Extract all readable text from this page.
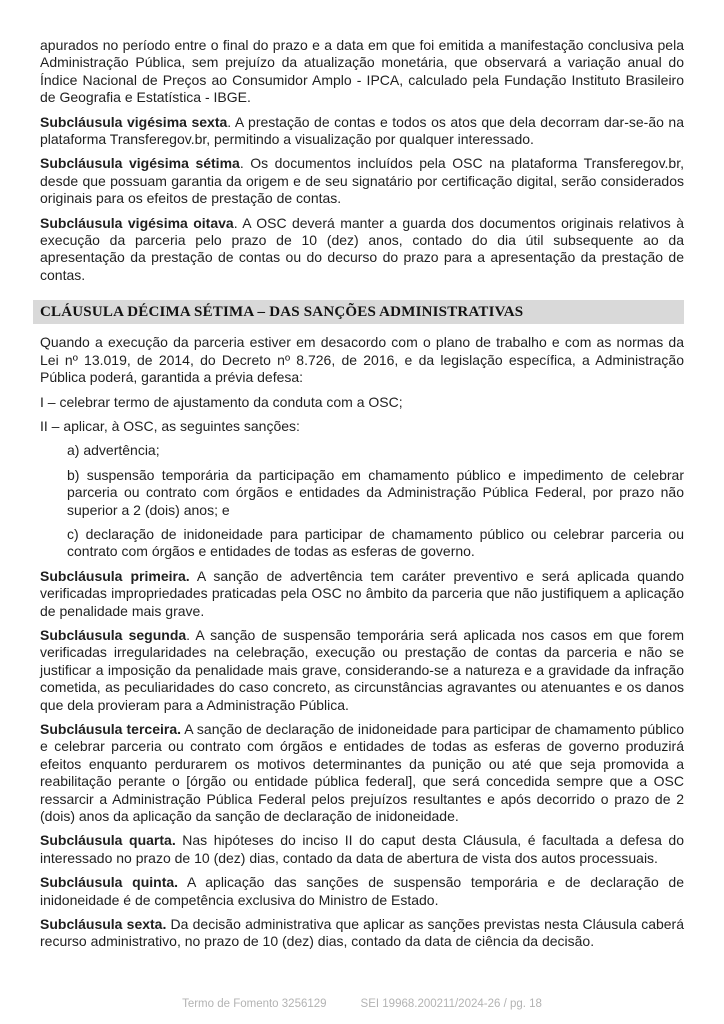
apurados no período entre o final do prazo e a data em que foi emitida a manifestação conclusiva pela Administração Pública, sem prejuízo da atualização monetária, que observará a variação anual do Índice Nacional de Preços ao Consumidor Amplo - IPCA, calculado pela Fundação Instituto Brasileiro de Geografia e Estatística - IBGE.

Subcláusula vigésima sexta. A prestação de contas e todos os atos que dela decorram dar-se-ão na plataforma Transferegov.br, permitindo a visualização por qualquer interessado.

Subcláusula vigésima sétima. Os documentos incluídos pela OSC na plataforma Transferegov.br, desde que possuam garantia da origem e de seu signatário por certificação digital, serão considerados originais para os efeitos de prestação de contas.

Subcláusula vigésima oitava. A OSC deverá manter a guarda dos documentos originais relativos à execução da parceria pelo prazo de 10 (dez) anos, contado do dia útil subsequente ao da apresentação da prestação de contas ou do decurso do prazo para a apresentação da prestação de contas.

CLÁUSULA DÉCIMA SÉTIMA – DAS SANÇÕES ADMINISTRATIVAS

Quando a execução da parceria estiver em desacordo com o plano de trabalho e com as normas da Lei nº 13.019, de 2014, do Decreto nº 8.726, de 2016, e da legislação específica, a Administração Pública poderá, garantida a prévia defesa:

I – celebrar termo de ajustamento da conduta com a OSC;

II – aplicar, à OSC, as seguintes sanções:

a) advertência;

b) suspensão temporária da participação em chamamento público e impedimento de celebrar parceria ou contrato com órgãos e entidades da Administração Pública Federal, por prazo não superior a 2 (dois) anos; e

c) declaração de inidoneidade para participar de chamamento público ou celebrar parceria ou contrato com órgãos e entidades de todas as esferas de governo.

Subcláusula primeira. A sanção de advertência tem caráter preventivo e será aplicada quando verificadas impropriedades praticadas pela OSC no âmbito da parceria que não justifiquem a aplicação de penalidade mais grave.

Subcláusula segunda. A sanção de suspensão temporária será aplicada nos casos em que forem verificadas irregularidades na celebração, execução ou prestação de contas da parceria e não se justificar a imposição da penalidade mais grave, considerando-se a natureza e a gravidade da infração cometida, as peculiaridades do caso concreto, as circunstâncias agravantes ou atenuantes e os danos que dela provieram para a Administração Pública.

Subcláusula terceira. A sanção de declaração de inidoneidade para participar de chamamento público e celebrar parceria ou contrato com órgãos e entidades de todas as esferas de governo produzirá efeitos enquanto perdurarem os motivos determinantes da punição ou até que seja promovida a reabilitação perante o [órgão ou entidade pública federal], que será concedida sempre que a OSC ressarcir a Administração Pública Federal pelos prejuízos resultantes e após decorrido o prazo de 2 (dois) anos da aplicação da sanção de declaração de inidoneidade.

Subcláusula quarta. Nas hipóteses do inciso II do caput desta Cláusula, é facultada a defesa do interessado no prazo de 10 (dez) dias, contado da data de abertura de vista dos autos processuais.

Subcláusula quinta. A aplicação das sanções de suspensão temporária e de declaração de inidoneidade é de competência exclusiva do Ministro de Estado.

Subcláusula sexta. Da decisão administrativa que aplicar as sanções previstas nesta Cláusula caberá recurso administrativo, no prazo de 10 (dez) dias, contado da data de ciência da decisão.

Termo de Fomento 3256129	SEI 19968.200211/2024-26 / pg. 18
